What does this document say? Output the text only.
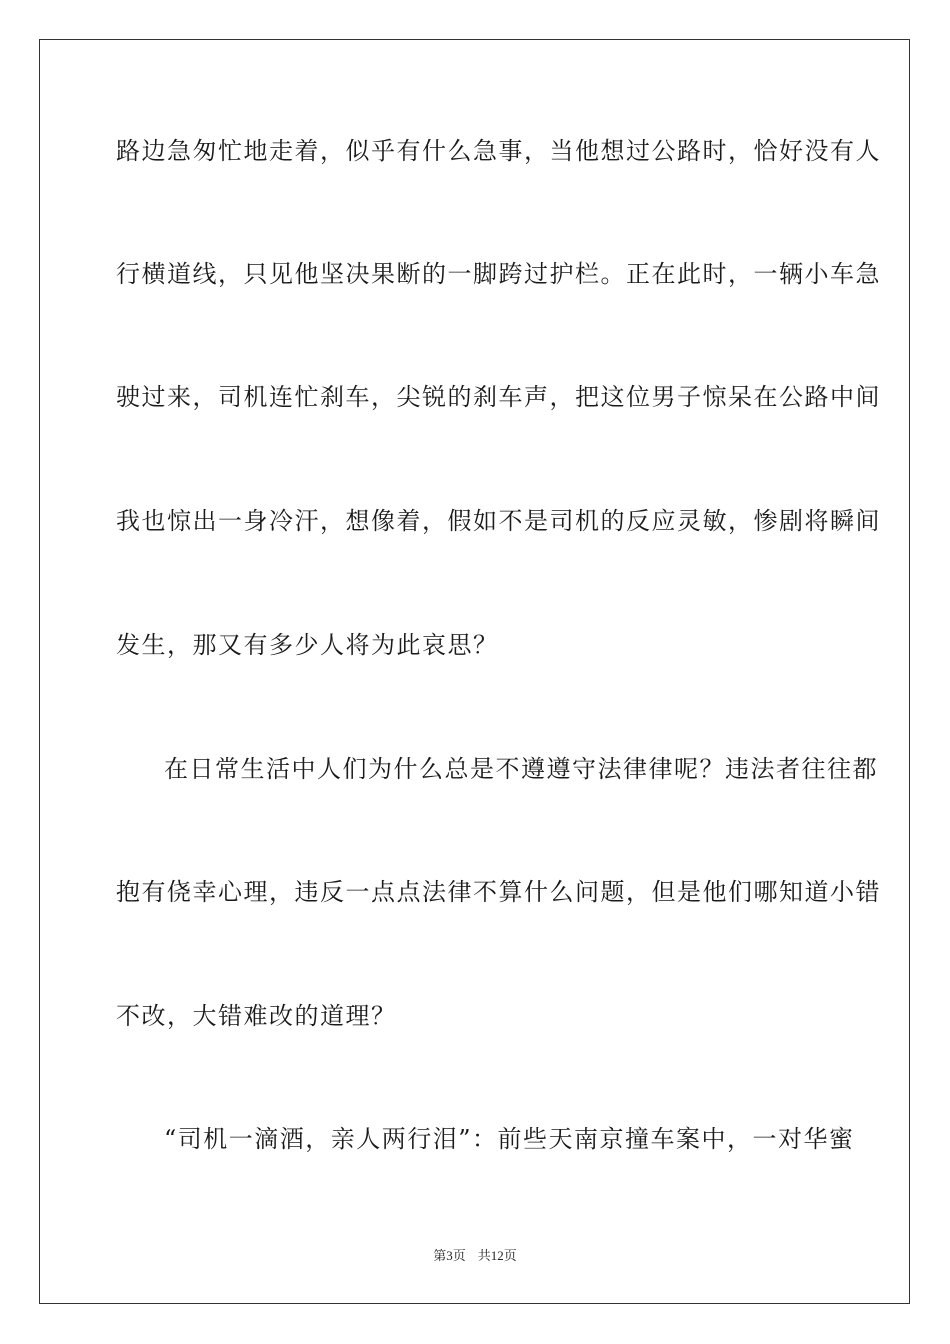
路边急匆忙地走着，似乎有什么急事，当他想过公路时，恰好没有人
行横道线，只见他坚决果断的一脚跨过护栏。正在此时，一辆小车急
驶过来，司机连忙刹车，尖锐的刹车声，把这位男子惊呆在公路中间
我也惊出一身冷汗，想像着，假如不是司机的反应灵敏，惨剧将瞬间
发生，那又有多少人将为此哀思？
在日常生活中人们为什么总是不遵遵守法律律呢？违法者往往都
抱有侥幸心理，违反一点点法律不算什么问题，但是他们哪知道小错
不改，大错难改的道理？
“司机一滴酒，亲人两行泪”：前些天南京撞车案中，一对华蜜
第3页 共12页
